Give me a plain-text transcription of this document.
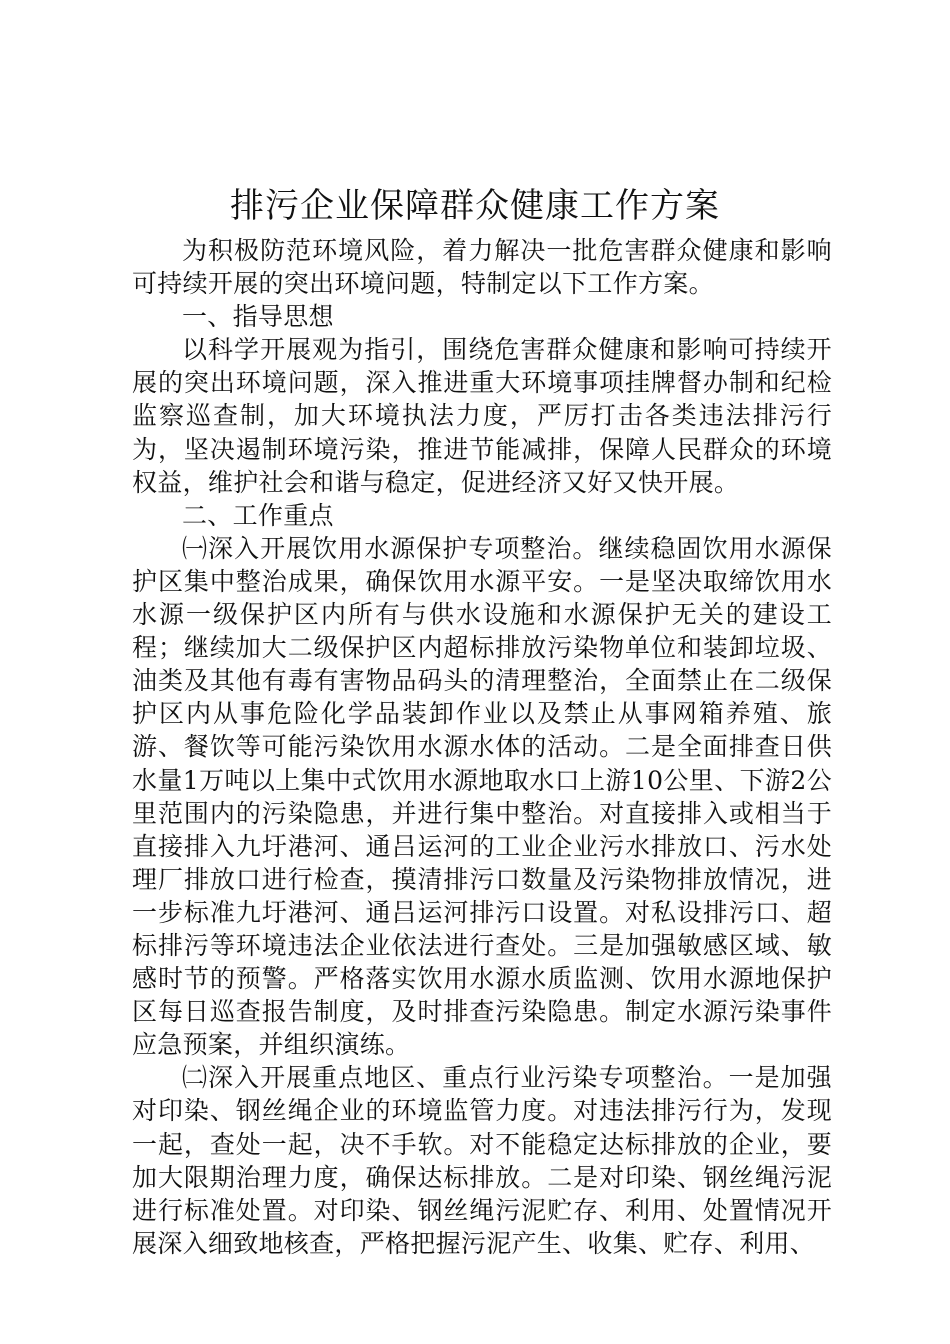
排污企业保障群众健康工作方案

为积极防范环境风险，着力解决一批危害群众健康和影响可持续开展的突出环境问题，特制定以下工作方案。

一、指导思想

以科学开展观为指引，围绕危害群众健康和影响可持续开展的突出环境问题，深入推进重大环境事项挂牌督办制和纪检监察巡查制，加大环境执法力度，严厉打击各类违法排污行为，坚决遏制环境污染，推进节能减排，保障人民群众的环境权益，维护社会和谐与稳定，促进经济又好又快开展。

二、工作重点

㈠深入开展饮用水源保护专项整治。继续稳固饮用水源保护区集中整治成果，确保饮用水源平安。一是坚决取缔饮用水水源一级保护区内所有与供水设施和水源保护无关的建设工程；继续加大二级保护区内超标排放污染物单位和装卸垃圾、油类及其他有毒有害物品码头的清理整治，全面禁止在二级保护区内从事危险化学品装卸作业以及禁止从事网箱养殖、旅游、餐饮等可能污染饮用水源水体的活动。二是全面排查日供水量1万吨以上集中式饮用水源地取水口上游10公里、下游2公里范围内的污染隐患，并进行集中整治。对直接排入或相当于直接排入九圩港河、通吕运河的工业企业污水排放口、污水处理厂排放口进行检查，摸清排污口数量及污染物排放情况，进一步标准九圩港河、通吕运河排污口设置。对私设排污口、超标排污等环境违法企业依法进行查处。三是加强敏感区域、敏感时节的预警。严格落实饮用水源水质监测、饮用水源地保护区每日巡查报告制度，及时排查污染隐患。制定水源污染事件应急预案，并组织演练。

㈡深入开展重点地区、重点行业污染专项整治。一是加强对印染、钢丝绳企业的环境监管力度。对违法排污行为，发现一起，查处一起，决不手软。对不能稳定达标排放的企业，要加大限期治理力度，确保达标排放。二是对印染、钢丝绳污泥进行标准处置。对印染、钢丝绳污泥贮存、利用、处置情况开展深入细致地核查，严格把握污泥产生、收集、贮存、利用、
